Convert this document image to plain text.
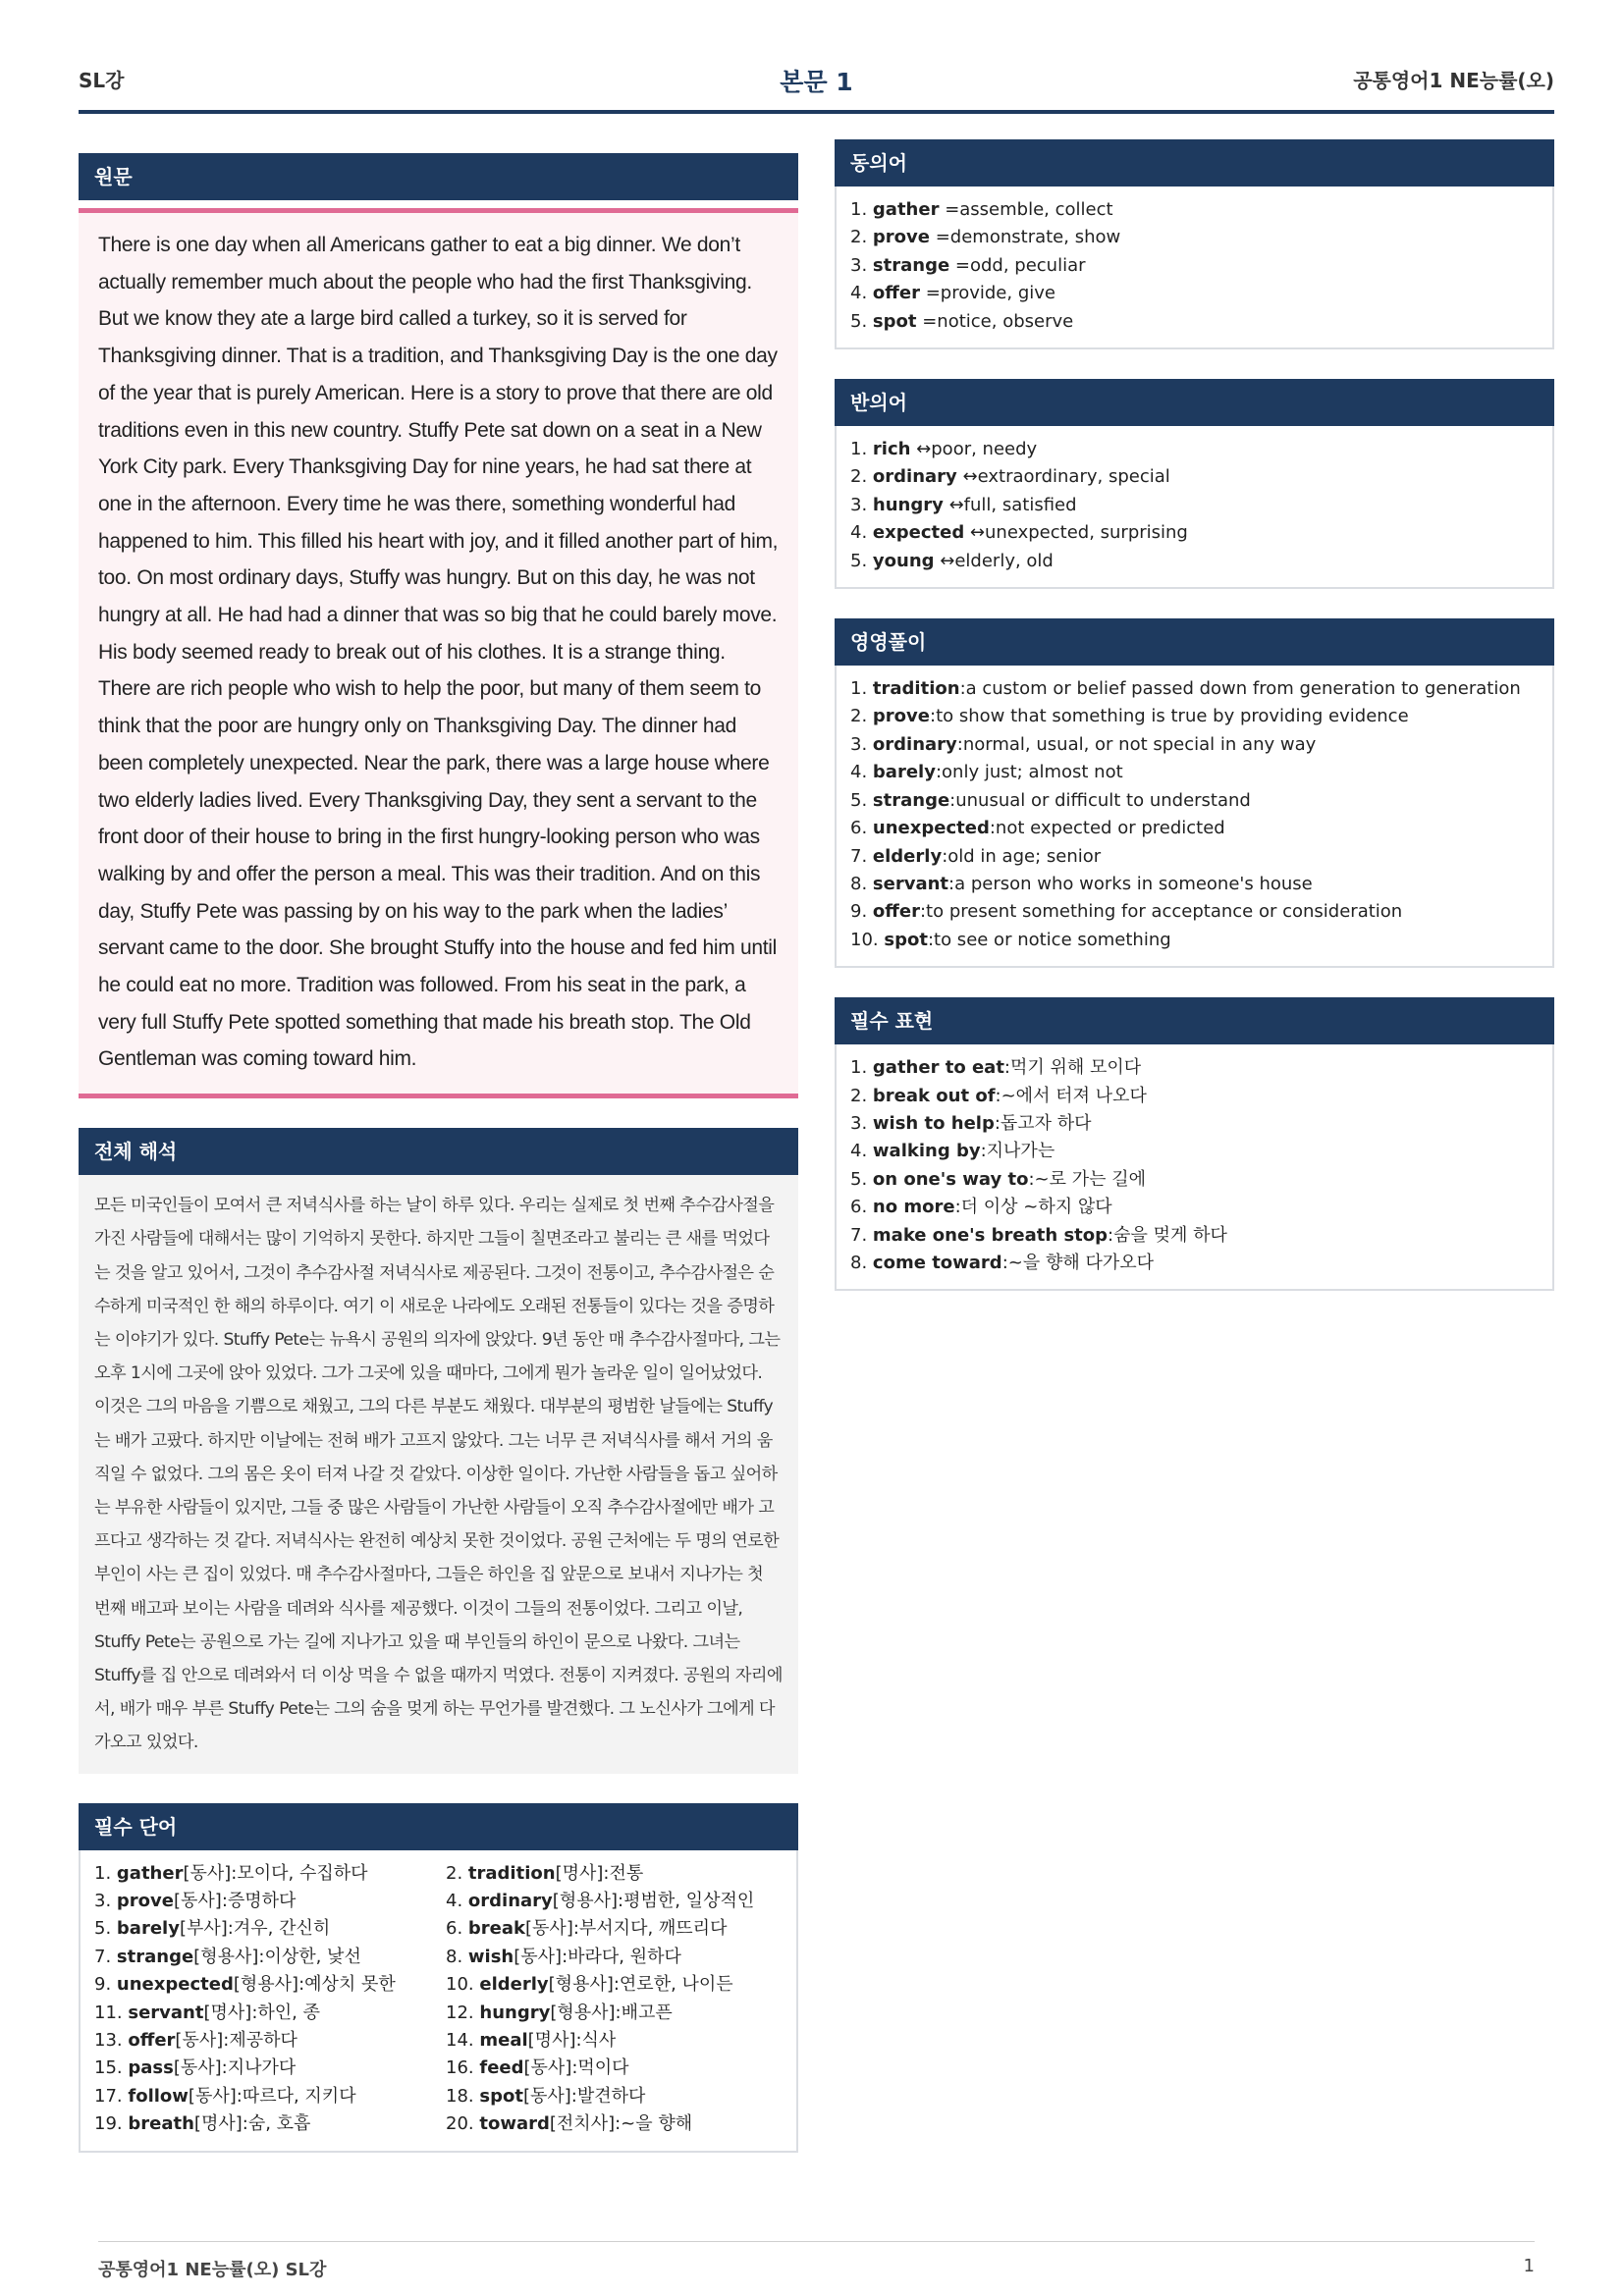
SL강	본문 1	공통영어1 NE능률(오)
원문

There is one day when all Americans gather to eat a big dinner. We don’t actually remember much about the people who had the first Thanksgiving. But we know they ate a large bird called a turkey, so it is served for Thanksgiving dinner. That is a tradition, and Thanksgiving Day is the one day of the year that is purely American. Here is a story to prove that there are old traditions even in this new country. Stuffy Pete sat down on a seat in a New York City park. Every Thanksgiving Day for nine years, he had sat there at one in the afternoon. Every time he was there, something wonderful had happened to him. This filled his heart with joy, and it filled another part of him, too. On most ordinary days, Stuffy was hungry. But on this day, he was not hungry at all. He had had a dinner that was so big that he could barely move. His body seemed ready to break out of his clothes. It is a strange thing. There are rich people who wish to help the poor, but many of them seem to think that the poor are hungry only on Thanksgiving Day. The dinner had been completely unexpected. Near the park, there was a large house where two elderly ladies lived. Every Thanksgiving Day, they sent a servant to the front door of their house to bring in the first hungry-looking person who was walking by and offer the person a meal. This was their tradition. And on this day, Stuffy Pete was passing by on his way to the park when the ladies’ servant came to the door. She brought Stuffy into the house and fed him until he could eat no more. Tradition was followed. From his seat in the park, a very full Stuffy Pete spotted something that made his breath stop. The Old Gentleman was coming toward him.

전체 해석

모든 미국인들이 모여서 큰 저녁식사를 하는 날이 하루 있다. 우리는 실제로 첫 번째 추수감사절을 가진 사람들에 대해서는 많이 기억하지 못한다. 하지만 그들이 칠면조라고 불리는 큰 새를 먹었다는 것을 알고 있어서, 그것이 추수감사절 저녁식사로 제공된다. 그것이 전통이고, 추수감사절은 순수하게 미국적인 한 해의 하루이다. 여기 이 새로운 나라에도 오래된 전통들이 있다는 것을 증명하는 이야기가 있다. Stuffy Pete는 뉴욕시 공원의 의자에 앉았다. 9년 동안 매 추수감사절마다, 그는 오후 1시에 그곳에 앉아 있었다. 그가 그곳에 있을 때마다, 그에게 뭔가 놀라운 일이 일어났었다. 이것은 그의 마음을 기쁨으로 채웠고, 그의 다른 부분도 채웠다. 대부분의 평범한 날들에는 Stuffy는 배가 고팠다. 하지만 이날에는 전혀 배가 고프지 않았다. 그는 너무 큰 저녁식사를 해서 거의 움직일 수 없었다. 그의 몸은 옷이 터져 나갈 것 같았다. 이상한 일이다. 가난한 사람들을 돕고 싶어하는 부유한 사람들이 있지만, 그들 중 많은 사람들이 가난한 사람들이 오직 추수감사절에만 배가 고프다고 생각하는 것 같다. 저녁식사는 완전히 예상치 못한 것이었다. 공원 근처에는 두 명의 연로한 부인이 사는 큰 집이 있었다. 매 추수감사절마다, 그들은 하인을 집 앞문으로 보내서 지나가는 첫 번째 배고파 보이는 사람을 데려와 식사를 제공했다. 이것이 그들의 전통이었다. 그리고 이날, Stuffy Pete는 공원으로 가는 길에 지나가고 있을 때 부인들의 하인이 문으로 나왔다. 그녀는 Stuffy를 집 안으로 데려와서 더 이상 먹을 수 없을 때까지 먹였다. 전통이 지켜졌다. 공원의 자리에서, 배가 매우 부른 Stuffy Pete는 그의 숨을 멎게 하는 무언가를 발견했다. 그 노신사가 그에게 다가오고 있었다.

필수 단어
1. gather[동사]:모이다, 수집하다	2. tradition[명사]:전통
3. prove[동사]:증명하다	4. ordinary[형용사]:평범한, 일상적인
5. barely[부사]:겨우, 간신히	6. break[동사]:부서지다, 깨뜨리다
7. strange[형용사]:이상한, 낯선	8. wish[동사]:바라다, 원하다
9. unexpected[형용사]:예상치 못한	10. elderly[형용사]:연로한, 나이든
11. servant[명사]:하인, 종	12. hungry[형용사]:배고픈
13. offer[동사]:제공하다	14. meal[명사]:식사
15. pass[동사]:지나가다	16. feed[동사]:먹이다
17. follow[동사]:따르다, 지키다	18. spot[동사]:발견하다
19. breath[명사]:숨, 호흡	20. toward[전치사]:~을 향해
동의어
1. gather =assemble, collect
2. prove =demonstrate, show
3. strange =odd, peculiar
4. offer =provide, give
5. spot =notice, observe
반의어
1. rich ↔poor, needy
2. ordinary ↔extraordinary, special
3. hungry ↔full, satisfied
4. expected ↔unexpected, surprising
5. young ↔elderly, old
영영풀이
1. tradition:a custom or belief passed down from generation to generation
2. prove:to show that something is true by providing evidence
3. ordinary:normal, usual, or not special in any way
4. barely:only just; almost not
5. strange:unusual or difficult to understand
6. unexpected:not expected or predicted
7. elderly:old in age; senior
8. servant:a person who works in someone's house
9. offer:to present something for acceptance or consideration
10. spot:to see or notice something
필수 표현
1. gather to eat:먹기 위해 모이다
2. break out of:~에서 터져 나오다
3. wish to help:돕고자 하다
4. walking by:지나가는
5. on one's way to:~로 가는 길에
6. no more:더 이상 ~하지 않다
7. make one's breath stop:숨을 멎게 하다
8. come toward:~을 향해 다가오다
공통영어1 NE능률(오) SL강	1
